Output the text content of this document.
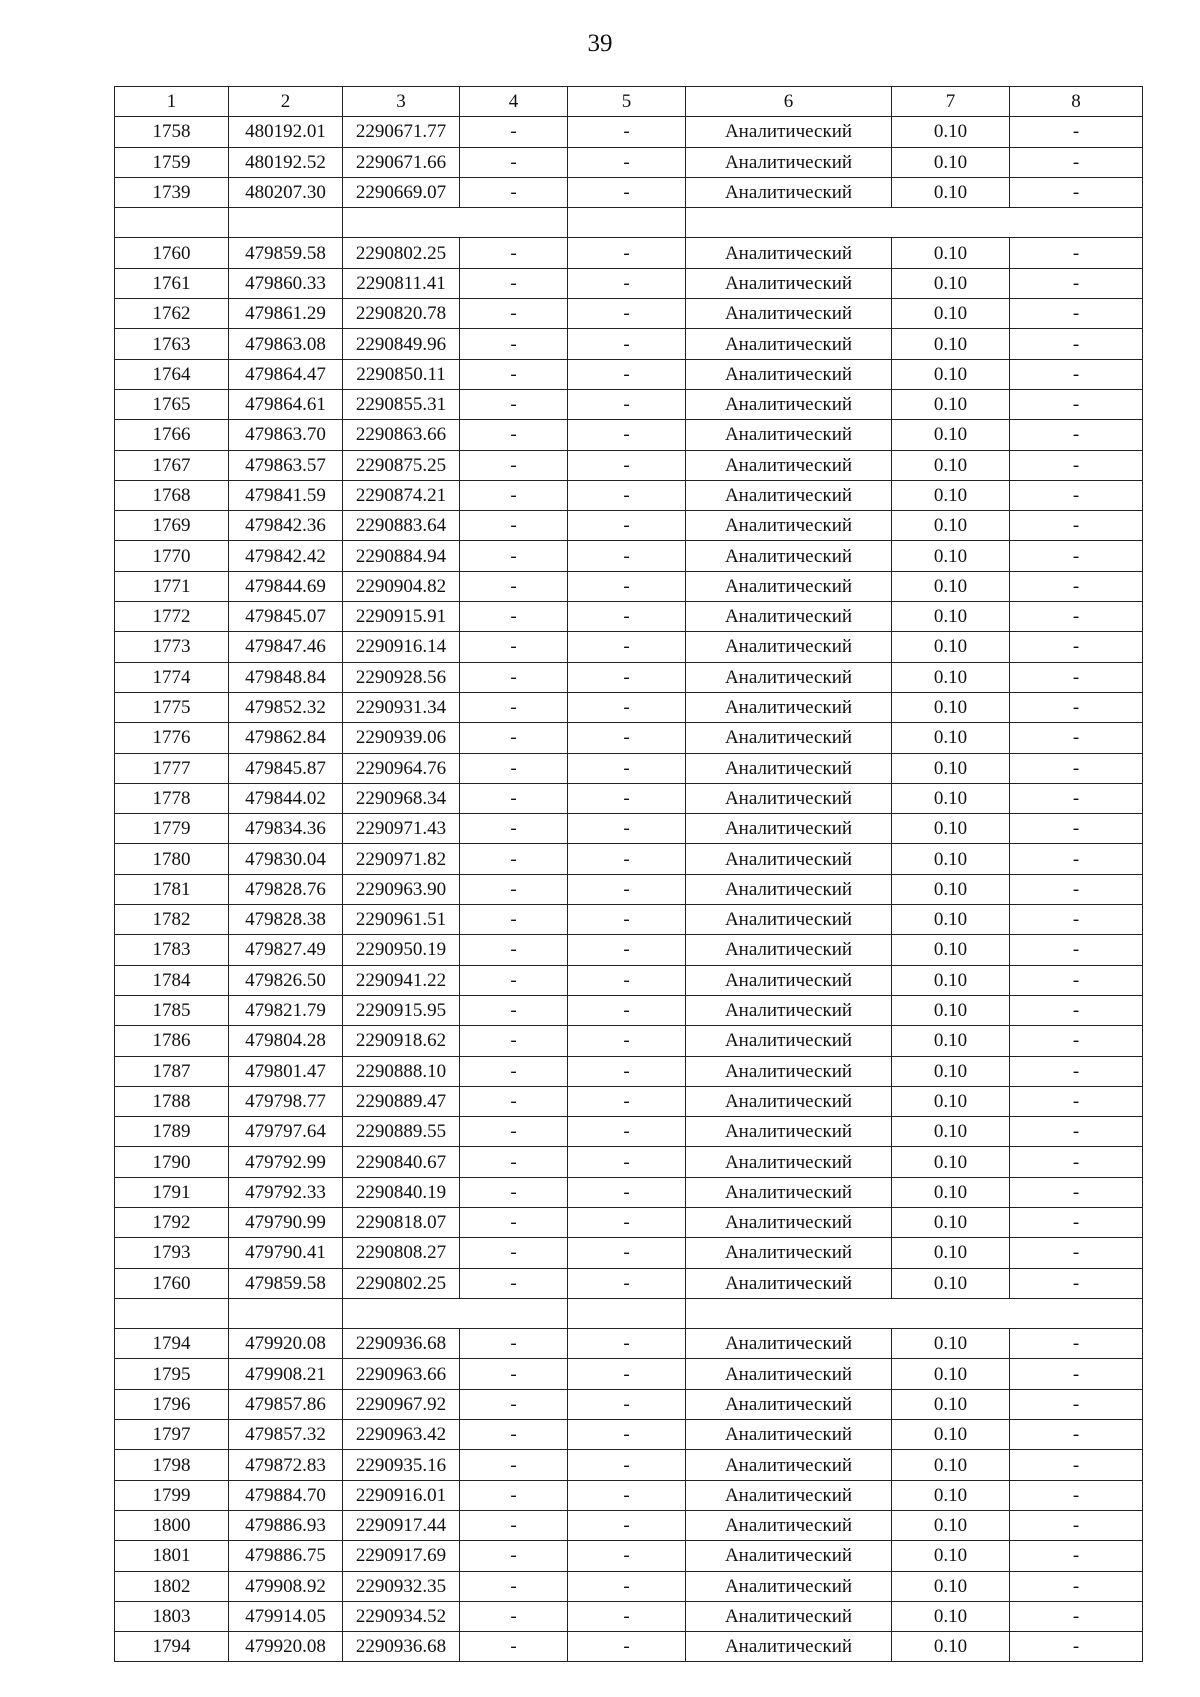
39
1	2	3	4	5	6	7	8
1758	480192.01	2290671.77	-	-	Аналитический	0.10	-
1759	480192.52	2290671.66	-	-	Аналитический	0.10	-
1739	480207.30	2290669.07	-	-	Аналитический	0.10	-

1760	479859.58	2290802.25	-	-	Аналитический	0.10	-
1761	479860.33	2290811.41	-	-	Аналитический	0.10	-
1762	479861.29	2290820.78	-	-	Аналитический	0.10	-
1763	479863.08	2290849.96	-	-	Аналитический	0.10	-
1764	479864.47	2290850.11	-	-	Аналитический	0.10	-
1765	479864.61	2290855.31	-	-	Аналитический	0.10	-
1766	479863.70	2290863.66	-	-	Аналитический	0.10	-
1767	479863.57	2290875.25	-	-	Аналитический	0.10	-
1768	479841.59	2290874.21	-	-	Аналитический	0.10	-
1769	479842.36	2290883.64	-	-	Аналитический	0.10	-
1770	479842.42	2290884.94	-	-	Аналитический	0.10	-
1771	479844.69	2290904.82	-	-	Аналитический	0.10	-
1772	479845.07	2290915.91	-	-	Аналитический	0.10	-
1773	479847.46	2290916.14	-	-	Аналитический	0.10	-
1774	479848.84	2290928.56	-	-	Аналитический	0.10	-
1775	479852.32	2290931.34	-	-	Аналитический	0.10	-
1776	479862.84	2290939.06	-	-	Аналитический	0.10	-
1777	479845.87	2290964.76	-	-	Аналитический	0.10	-
1778	479844.02	2290968.34	-	-	Аналитический	0.10	-
1779	479834.36	2290971.43	-	-	Аналитический	0.10	-
1780	479830.04	2290971.82	-	-	Аналитический	0.10	-
1781	479828.76	2290963.90	-	-	Аналитический	0.10	-
1782	479828.38	2290961.51	-	-	Аналитический	0.10	-
1783	479827.49	2290950.19	-	-	Аналитический	0.10	-
1784	479826.50	2290941.22	-	-	Аналитический	0.10	-
1785	479821.79	2290915.95	-	-	Аналитический	0.10	-
1786	479804.28	2290918.62	-	-	Аналитический	0.10	-
1787	479801.47	2290888.10	-	-	Аналитический	0.10	-
1788	479798.77	2290889.47	-	-	Аналитический	0.10	-
1789	479797.64	2290889.55	-	-	Аналитический	0.10	-
1790	479792.99	2290840.67	-	-	Аналитический	0.10	-
1791	479792.33	2290840.19	-	-	Аналитический	0.10	-
1792	479790.99	2290818.07	-	-	Аналитический	0.10	-
1793	479790.41	2290808.27	-	-	Аналитический	0.10	-
1760	479859.58	2290802.25	-	-	Аналитический	0.10	-

1794	479920.08	2290936.68	-	-	Аналитический	0.10	-
1795	479908.21	2290963.66	-	-	Аналитический	0.10	-
1796	479857.86	2290967.92	-	-	Аналитический	0.10	-
1797	479857.32	2290963.42	-	-	Аналитический	0.10	-
1798	479872.83	2290935.16	-	-	Аналитический	0.10	-
1799	479884.70	2290916.01	-	-	Аналитический	0.10	-
1800	479886.93	2290917.44	-	-	Аналитический	0.10	-
1801	479886.75	2290917.69	-	-	Аналитический	0.10	-
1802	479908.92	2290932.35	-	-	Аналитический	0.10	-
1803	479914.05	2290934.52	-	-	Аналитический	0.10	-
1794	479920.08	2290936.68	-	-	Аналитический	0.10	-
